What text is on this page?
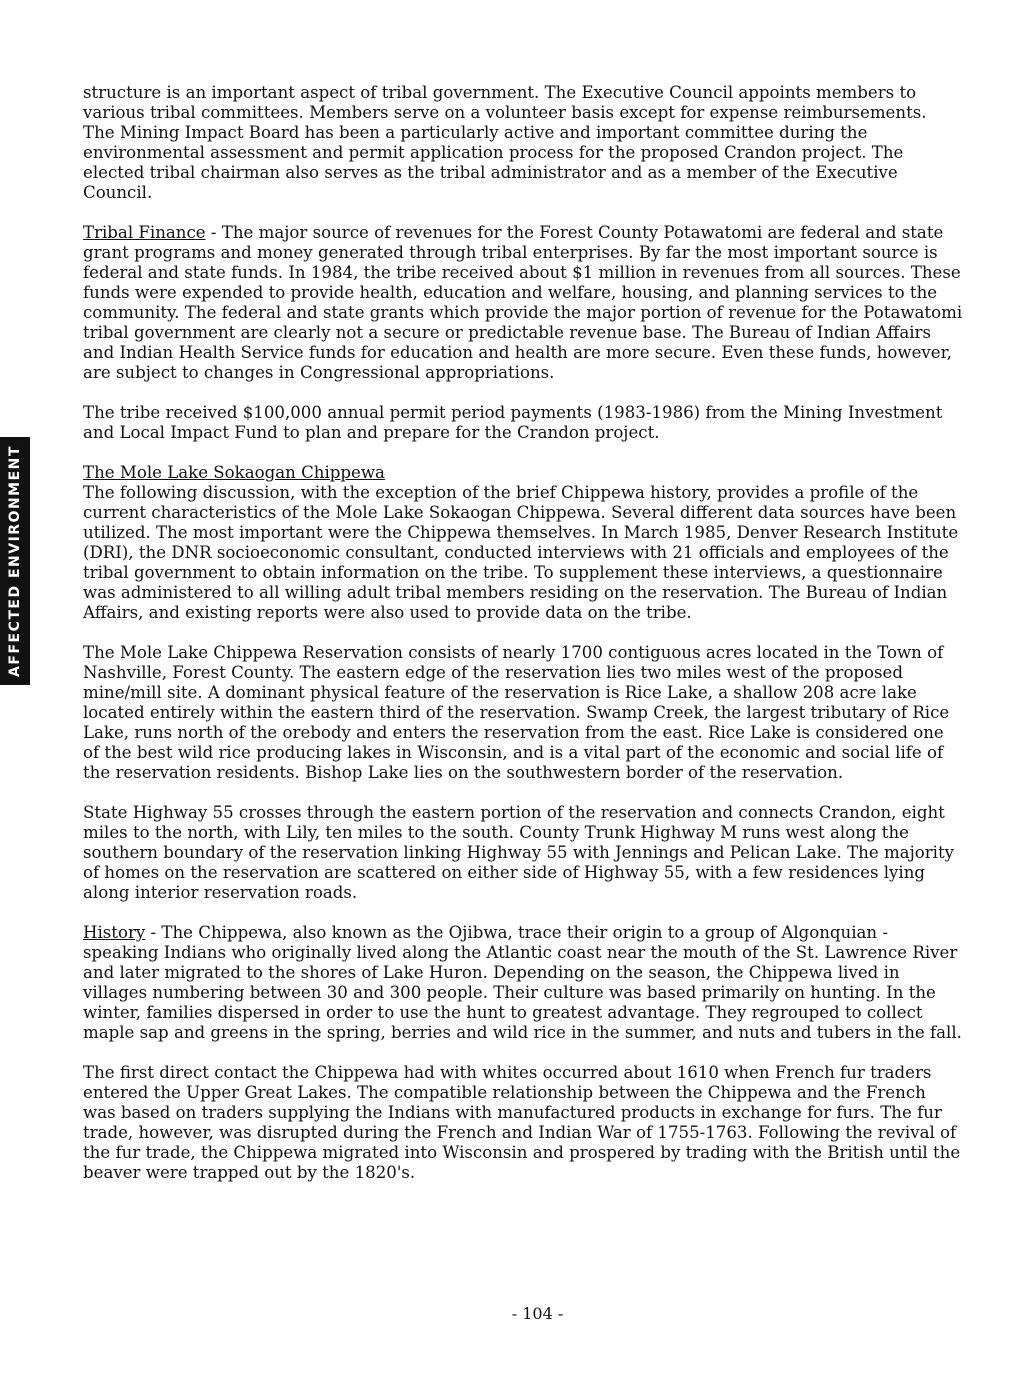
AFFECTED ENVIRONMENT

structure is an important aspect of tribal government. The Executive Council appoints members to various tribal committees. Members serve on a volunteer basis except for expense reimbursements. The Mining Impact Board has been a particularly active and important committee during the environmental assessment and permit application process for the proposed Crandon project. The elected tribal chairman also serves as the tribal administrator and as a member of the Executive Council.

Tribal Finance - The major source of revenues for the Forest County Potawatomi are federal and state grant programs and money generated through tribal enterprises. By far the most important source is federal and state funds. In 1984, the tribe received about $1 million in revenues from all sources. These funds were expended to provide health, education and welfare, housing, and planning services to the community. The federal and state grants which provide the major portion of revenue for the Potawatomi tribal government are clearly not a secure or predictable revenue base. The Bureau of Indian Affairs and Indian Health Service funds for education and health are more secure. Even these funds, however, are subject to changes in Congressional appropriations.

The tribe received $100,000 annual permit period payments (1983-1986) from the Mining Investment and Local Impact Fund to plan and prepare for the Crandon project.

The Mole Lake Sokaogan Chippewa
The following discussion, with the exception of the brief Chippewa history, provides a profile of the current characteristics of the Mole Lake Sokaogan Chippewa. Several different data sources have been utilized. The most important were the Chippewa themselves. In March 1985, Denver Research Institute (DRI), the DNR socioeconomic consultant, conducted interviews with 21 officials and employees of the tribal government to obtain information on the tribe. To supplement these interviews, a questionnaire was administered to all willing adult tribal members residing on the reservation. The Bureau of Indian Affairs, and existing reports were also used to provide data on the tribe.

The Mole Lake Chippewa Reservation consists of nearly 1700 contiguous acres located in the Town of Nashville, Forest County. The eastern edge of the reservation lies two miles west of the proposed mine/mill site. A dominant physical feature of the reservation is Rice Lake, a shallow 208 acre lake located entirely within the eastern third of the reservation. Swamp Creek, the largest tributary of Rice Lake, runs north of the orebody and enters the reservation from the east. Rice Lake is considered one of the best wild rice producing lakes in Wisconsin, and is a vital part of the economic and social life of the reservation residents. Bishop Lake lies on the southwestern border of the reservation.

State Highway 55 crosses through the eastern portion of the reservation and connects Crandon, eight miles to the north, with Lily, ten miles to the south. County Trunk Highway M runs west along the southern boundary of the reservation linking Highway 55 with Jennings and Pelican Lake. The majority of homes on the reservation are scattered on either side of Highway 55, with a few residences lying along interior reservation roads.

History - The Chippewa, also known as the Ojibwa, trace their origin to a group of Algonquian - speaking Indians who originally lived along the Atlantic coast near the mouth of the St. Lawrence River and later migrated to the shores of Lake Huron. Depending on the season, the Chippewa lived in villages numbering between 30 and 300 people. Their culture was based primarily on hunting. In the winter, families dispersed in order to use the hunt to greatest advantage. They regrouped to collect maple sap and greens in the spring, berries and wild rice in the summer, and nuts and tubers in the fall.

The first direct contact the Chippewa had with whites occurred about 1610 when French fur traders entered the Upper Great Lakes. The compatible relationship between the Chippewa and the French was based on traders supplying the Indians with manufactured products in exchange for furs. The fur trade, however, was disrupted during the French and Indian War of 1755-1763. Following the revival of the fur trade, the Chippewa migrated into Wisconsin and prospered by trading with the British until the beaver were trapped out by the 1820's.

- 104 -
